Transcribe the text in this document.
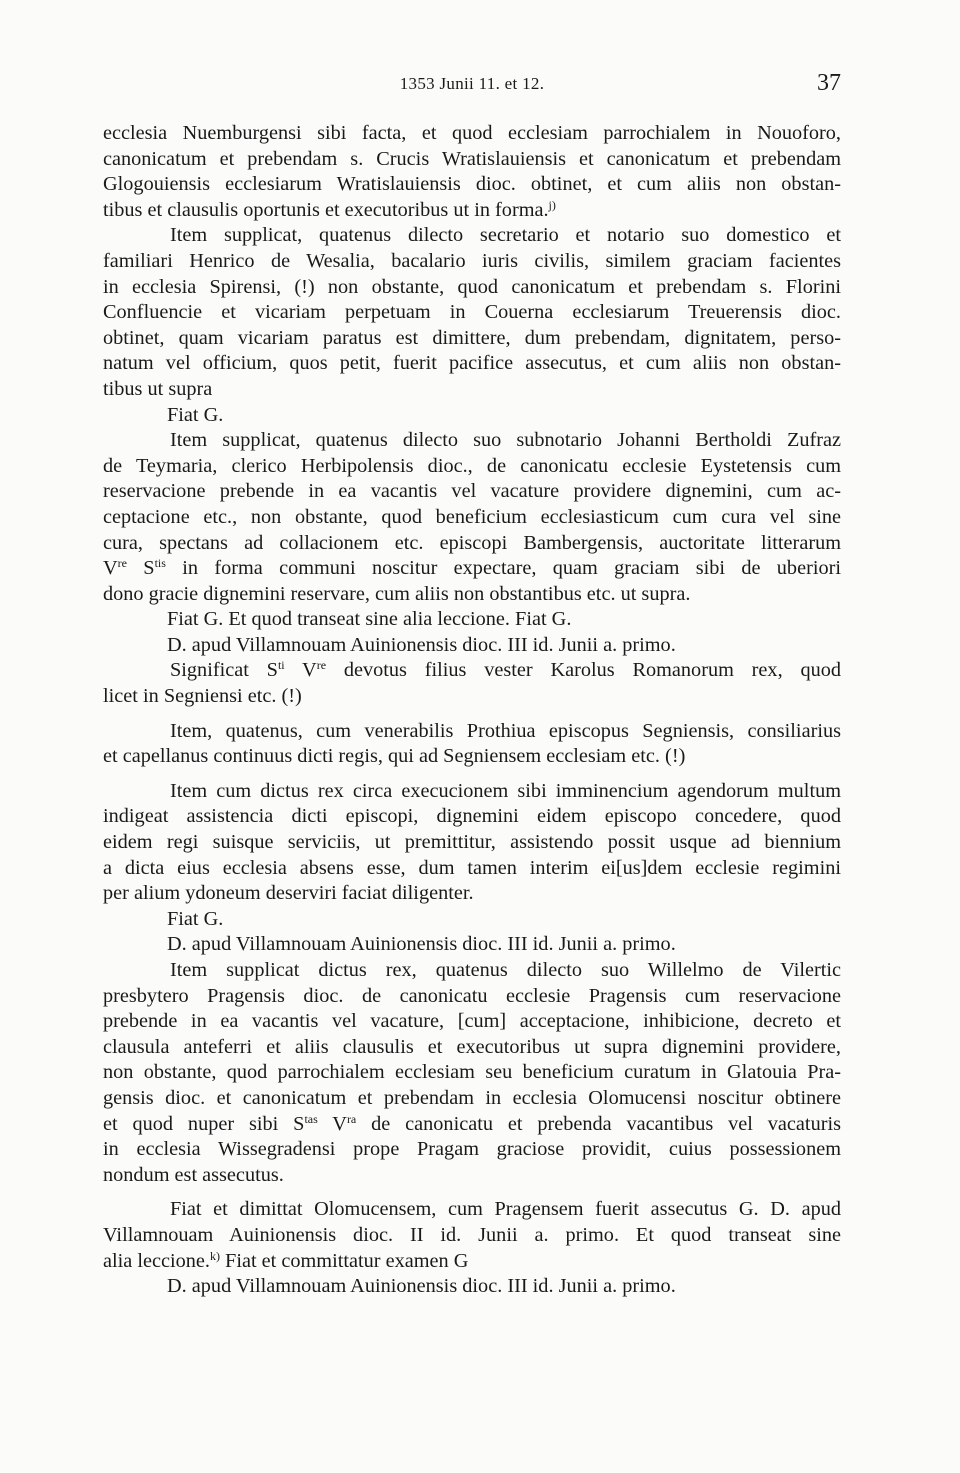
1353 Junii 11. et 12.	37
ecclesia Nuemburgensi sibi facta, et quod ecclesiam parrochialem in Nouoforo,
canonicatum et prebendam s. Crucis Wratislauiensis et canonicatum et prebendam
Glogouiensis ecclesiarum Wratislauiensis dioc. obtinet, et cum aliis non obstan-
tibus et clausulis oportunis et executoribus ut in forma.$^{j)}$
Item supplicat, quatenus dilecto secretario et notario suo domestico et
familiari Henrico de Wesalia, bacalario iuris civilis, similem graciam facientes
in ecclesia Spirensi, (!) non obstante, quod canonicatum et prebendam s. Florini
Confluencie et vicariam perpetuam in Couerna ecclesiarum Treuerensis dioc.
obtinet, quam vicariam paratus est dimittere, dum prebendam, dignitatem, perso-
natum vel officium, quos petit, fuerit pacifice assecutus, et cum aliis non obstan-
tibus ut supra
Fiat G.
Item supplicat, quatenus dilecto suo subnotario Johanni Bertholdi Zufraz
de Teymaria, clerico Herbipolensis dioc., de canonicatu ecclesie Eystetensis cum
reservacione prebende in ea vacantis vel vacature providere dignemini, cum ac-
ceptacione etc., non obstante, quod beneficium ecclesiasticum cum cura vel sine
cura, spectans ad collacionem etc. episcopi Bambergensis, auctoritate litterarum
Vre $S^{tis}$ in forma communi noscitur expectare, quam graciam sibi de uberiori
dono gracie dignemini reservare, cum aliis non obstantibus etc. ut supra.
Fiat G. Et quod transeat sine alia leccione. Fiat G.
D. apud Villamnouam Auinionensis dioc. III id. Junii a. primo.
Significat $S^{ti}$ Vre devotus filius vester Karolus Romanorum rex, quod
licet in Segniensi etc. (!)
Item, quatenus, cum venerabilis Prothiua episcopus Segniensis, consiliarius
et capellanus continuus dicti regis, qui ad Segniensem ecclesiam etc. (!)
Item cum dictus rex circa execucionem sibi imminencium agendorum multum
indigeat assistencia dicti episcopi, dignemini eidem episcopo concedere, quod
eidem regi suisque serviciis, ut premittitur, assistendo possit usque ad biennium
a dicta eius ecclesia absens esse, dum tamen interim ei[us]dem ecclesie regimini
per alium ydoneum deserviri faciat diligenter.
Fiat G.
D. apud Villamnouam Auinionensis dioc. III id. Junii a. primo.
Item supplicat dictus rex, quatenus dilecto suo Willelmo de Vilertic
presbytero Pragensis dioc. de canonicatu ecclesie Pragensis cum reservacione
prebende in ea vacantis vel vacature, [cum] acceptacione, inhibicione, decreto et
clausula anteferri et aliis clausulis et executoribus ut supra dignemini providere,
non obstante, quod parrochialem ecclesiam seu beneficium curatum in Glatouia Pra-
gensis dioc. et canonicatum et prebendam in ecclesia Olomucensi noscitur obtinere
et quod nuper sibi $S^{tas}$ $V^{ra}$ de canonicatu et prebenda vacantibus vel vacaturis
in ecclesia Wissegradensi prope Pragam graciose providit, cuius possessionem
nondum est assecutus.
Fiat et dimittat Olomucensem, cum Pragensem fuerit assecutus G. D. apud
Villamnouam Auinionensis dioc. II id. Junii a. primo. Et quod transeat sine
alia leccione.$^{k)}$ Fiat et committatur examen G
D. apud Villamnouam Auinionensis dioc. III id. Junii a. primo.
